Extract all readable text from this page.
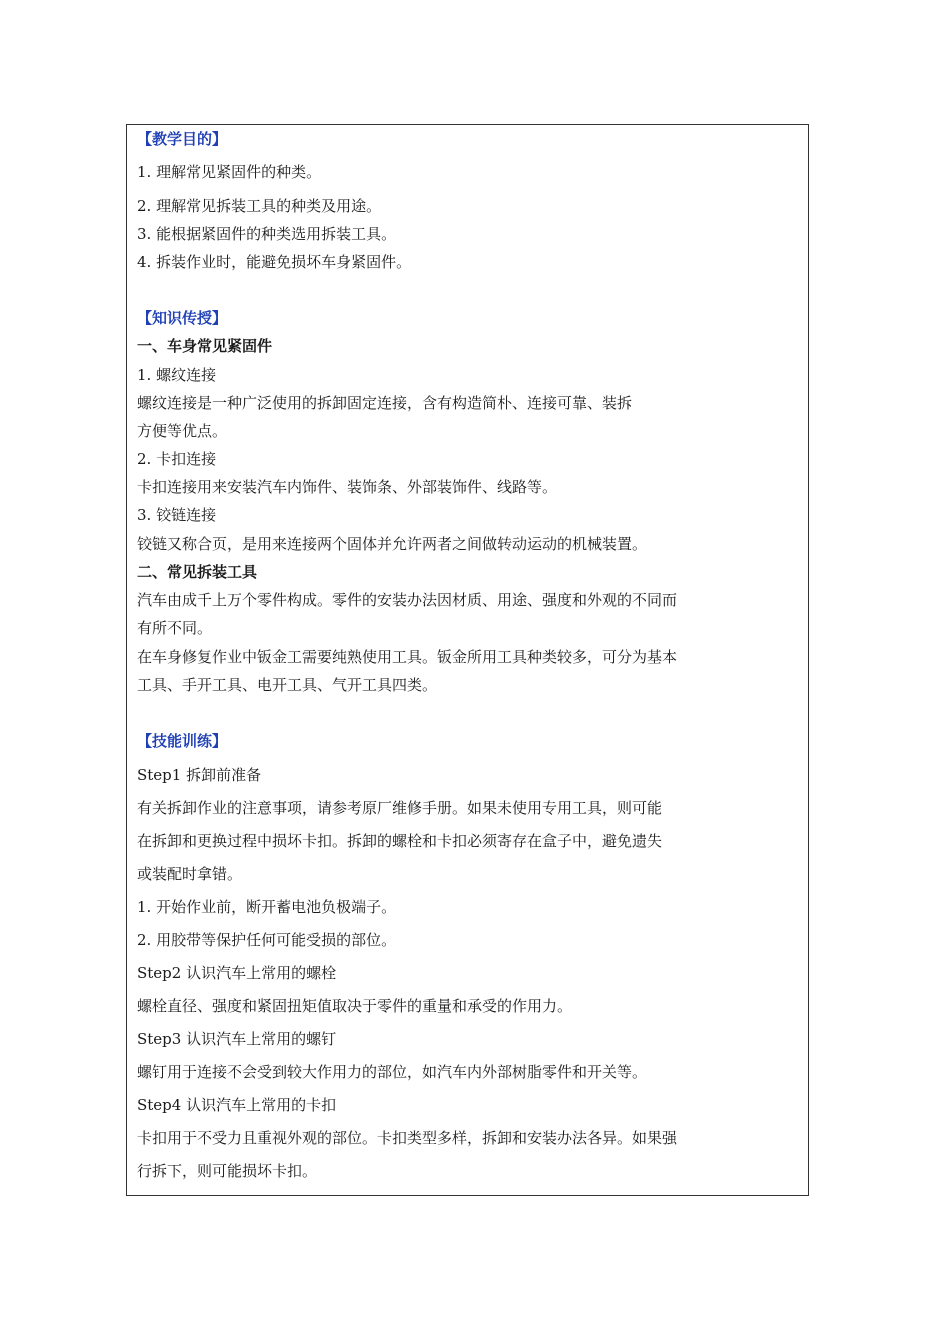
【教学目的】
1. 理解常见紧固件的种类。
2. 理解常见拆装工具的种类及用途。
3. 能根据紧固件的种类选用拆装工具。
4. 拆装作业时，能避免损坏车身紧固件。
【知识传授】
一、车身常见紧固件
1. 螺纹连接
螺纹连接是一种广泛使用的拆卸固定连接，含有构造简朴、连接可靠、装拆
方便等优点。
2. 卡扣连接
卡扣连接用来安装汽车内饰件、装饰条、外部装饰件、线路等。
3. 铰链连接
铰链又称合页，是用来连接两个固体并允许两者之间做转动运动的机械装置。
二、常见拆装工具
汽车由成千上万个零件构成。零件的安装办法因材质、用途、强度和外观的不同而
有所不同。
在车身修复作业中钣金工需要纯熟使用工具。钣金所用工具种类较多，可分为基本
工具、手开工具、电开工具、气开工具四类。
【技能训练】
Step1 拆卸前准备
有关拆卸作业的注意事项，请参考原厂维修手册。如果未使用专用工具，则可能
在拆卸和更换过程中损坏卡扣。拆卸的螺栓和卡扣必须寄存在盒子中，避免遗失
或装配时拿错。
1. 开始作业前，断开蓄电池负极端子。
2. 用胶带等保护任何可能受损的部位。
Step2 认识汽车上常用的螺栓
螺栓直径、强度和紧固扭矩值取决于零件的重量和承受的作用力。
Step3 认识汽车上常用的螺钉
螺钉用于连接不会受到较大作用力的部位，如汽车内外部树脂零件和开关等。
Step4 认识汽车上常用的卡扣
卡扣用于不受力且重视外观的部位。卡扣类型多样，拆卸和安装办法各异。如果强
行拆下，则可能损坏卡扣。
